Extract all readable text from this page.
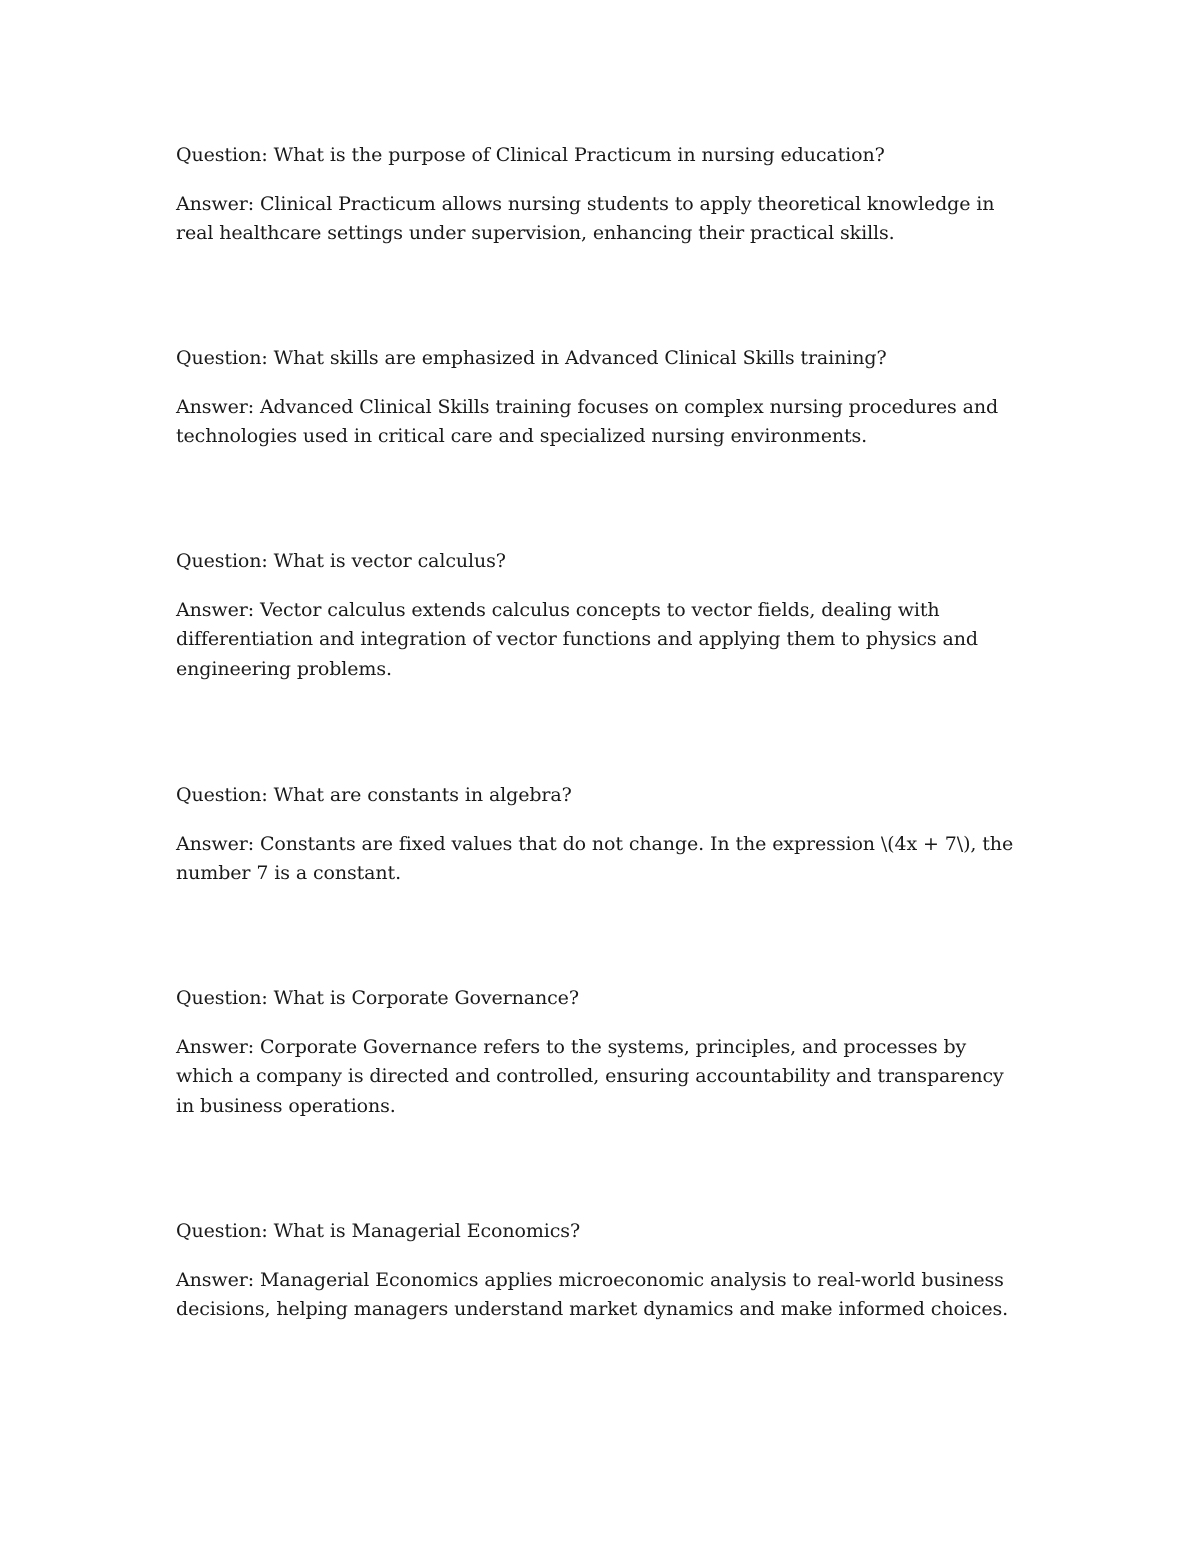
Question: What is the purpose of Clinical Practicum in nursing education?

Answer: Clinical Practicum allows nursing students to apply theoretical knowledge in real healthcare settings under supervision, enhancing their practical skills.

Question: What skills are emphasized in Advanced Clinical Skills training?

Answer: Advanced Clinical Skills training focuses on complex nursing procedures and technologies used in critical care and specialized nursing environments.

Question: What is vector calculus?

Answer: Vector calculus extends calculus concepts to vector fields, dealing with differentiation and integration of vector functions and applying them to physics and engineering problems.

Question: What are constants in algebra?

Answer: Constants are fixed values that do not change. In the expression \(4x + 7\), the number 7 is a constant.

Question: What is Corporate Governance?

Answer: Corporate Governance refers to the systems, principles, and processes by which a company is directed and controlled, ensuring accountability and transparency in business operations.

Question: What is Managerial Economics?

Answer: Managerial Economics applies microeconomic analysis to real-world business decisions, helping managers understand market dynamics and make informed choices.
